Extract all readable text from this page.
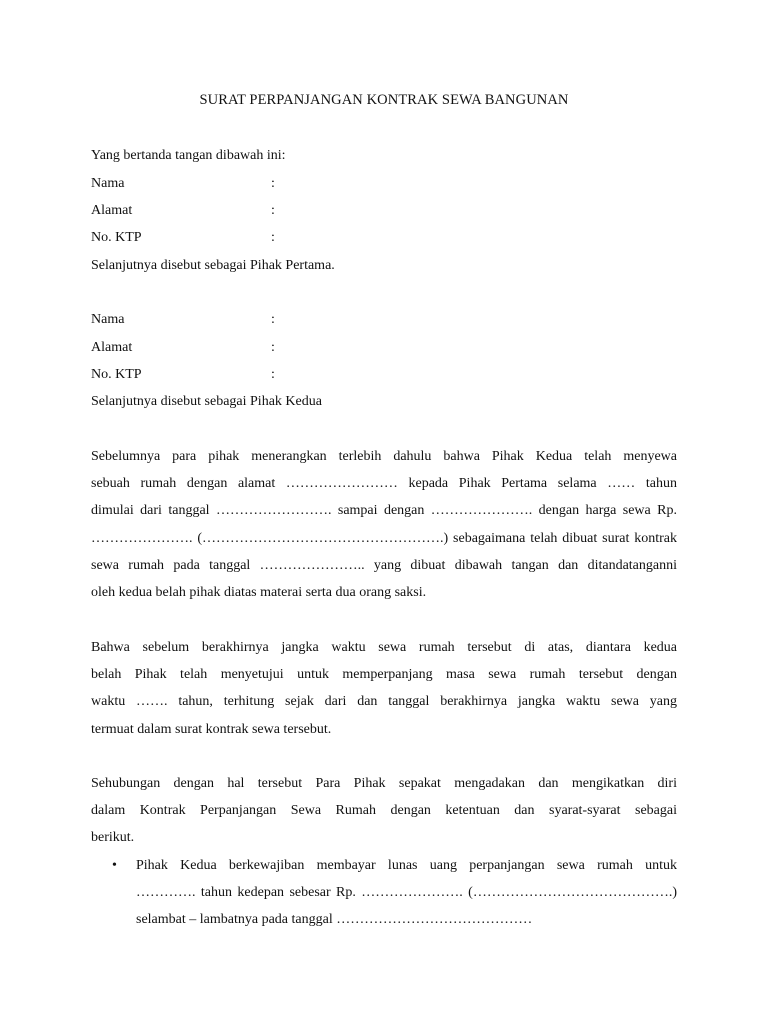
SURAT PERPANJANGAN KONTRAK SEWA BANGUNAN
Yang bertanda tangan dibawah ini:
Nama	:
Alamat	:
No. KTP	:
Selanjutnya disebut sebagai Pihak Pertama.
Nama	:
Alamat	:
No. KTP	:
Selanjutnya disebut sebagai Pihak Kedua
Sebelumnya para pihak menerangkan terlebih dahulu bahwa Pihak Kedua telah menyewa
sebuah rumah dengan alamat …………………… kepada Pihak Pertama selama …… tahun
dimulai dari tanggal ……………………. sampai dengan …………………. dengan harga sewa Rp.
…………………. (…………………………………………….) sebagaimana telah dibuat surat kontrak
sewa rumah pada tanggal ………………….. yang dibuat dibawah tangan dan ditandatanganni
oleh kedua belah pihak diatas materai serta dua orang saksi.
Bahwa sebelum berakhirnya jangka waktu sewa rumah tersebut di atas, diantara kedua
belah Pihak telah menyetujui untuk memperpanjang masa sewa rumah tersebut dengan
waktu ……. tahun, terhitung sejak dari dan tanggal berakhirnya jangka waktu sewa yang
termuat dalam surat kontrak sewa tersebut.
Sehubungan dengan hal tersebut Para Pihak sepakat mengadakan dan mengikatkan diri
dalam Kontrak Perpanjangan Sewa Rumah dengan ketentuan dan syarat-syarat sebagai
berikut.
•	Pihak Kedua berkewajiban membayar lunas uang perpanjangan sewa rumah untuk
…………. tahun kedepan sebesar Rp. …………………. (…………………………………….)
selambat – lambatnya pada tanggal ……………………………………
